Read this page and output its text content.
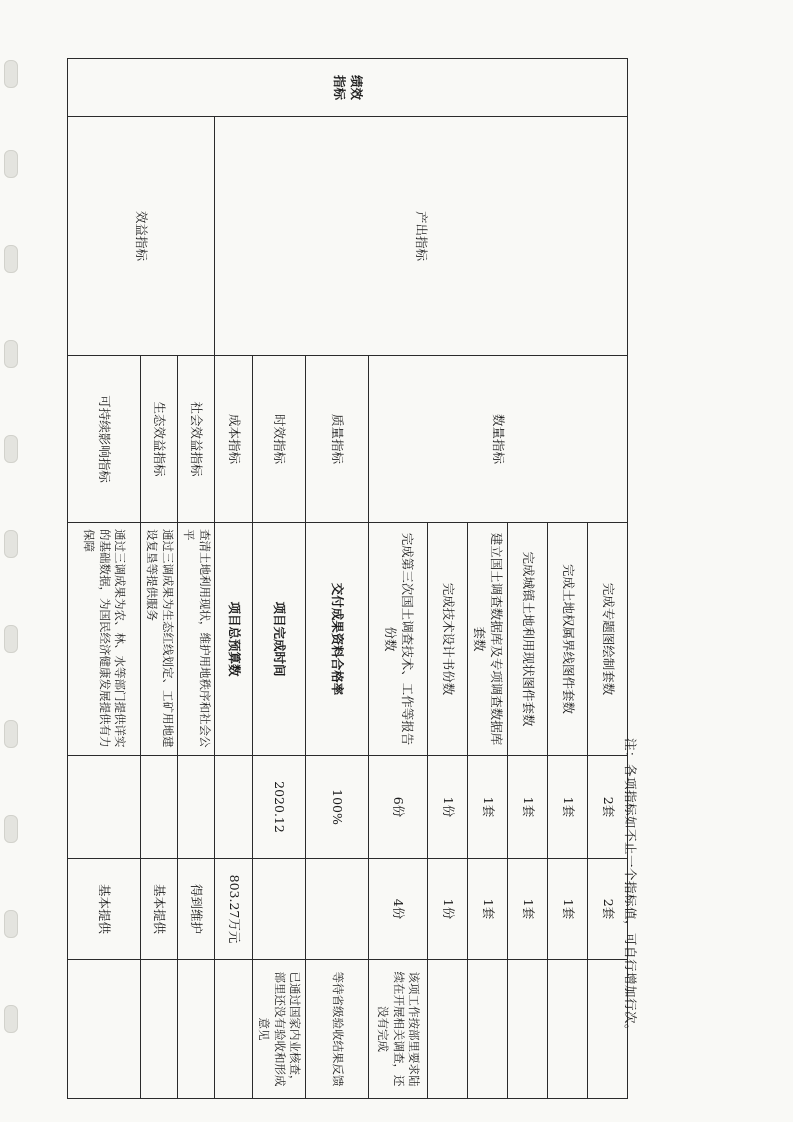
绩效
指标	产出指标	数量指标	完成专题图绘制套数	2套	2套	
			完成土地权属界线图件套数	1套	1套	
			完成城镇土地利用现状图件套数	1套	1套	
			建立国土调查数据库及专项调查数据库套数	1套	1套	
			完成技术设计书份数	1份	1份	
			完成第三次国土调查技术、工作等报告份数	6份	4份	该项工作按部里要求陆续在开展相关调查，还没有完成
		质量指标	交付成果资料合格率	100%		等待省级验收结果反馈
		时效指标	项目完成时间	2020.12		已通过国家内业核查，部里还没有验收和形成意见
		成本指标	项目总预算数		803.27万元	
	效益指标	社会效益指标	查清土地利用现状，维护用地秩序和社会公平		得到维护	
		生态效益指标	通过三调成果为生态红线划定、工矿用地建设复垦等提供服务		基本提供	
		可持续影响指标	通过三调成果为农、林、水等部门提供详实的基础数据，为国民经济健康发展提供有力保障		基本提供		注：各项指标如不止一个指标值，可自行增加行次。
